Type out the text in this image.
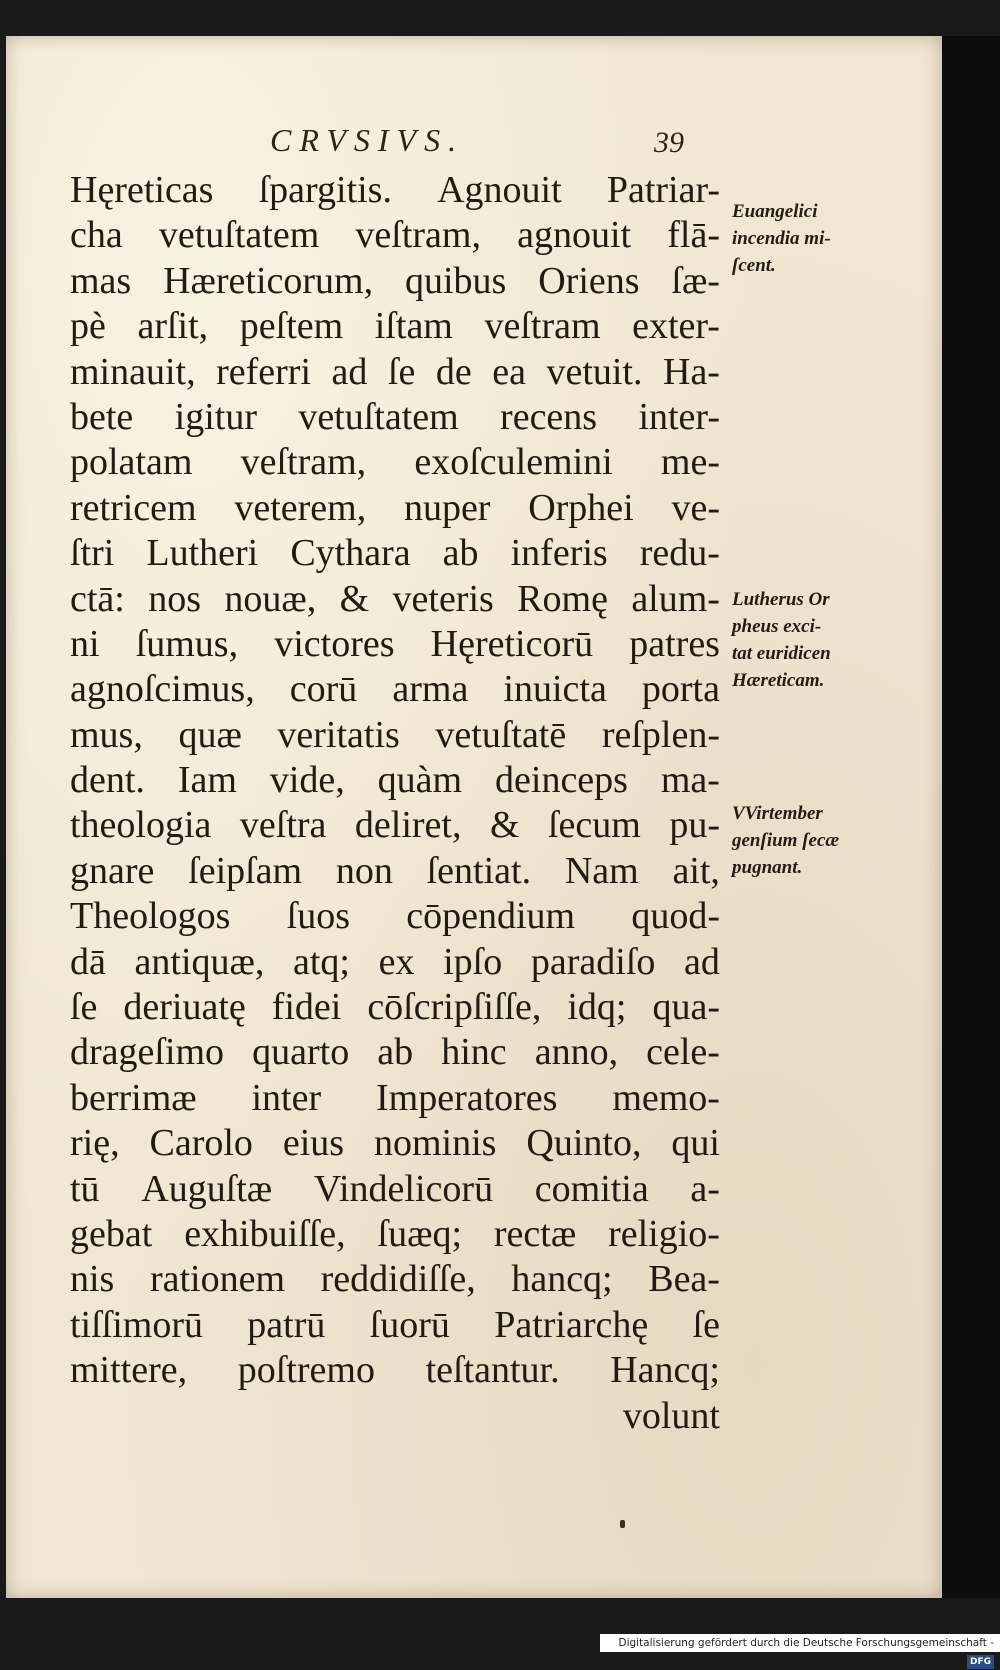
CRVSIVS.	39
Hęreticas ſpargitis. Agnouit Patriar-
cha vetuſtatem veſtram, agnouit flā-
mas Hæreticorum, quibus Oriens ſæ-
pè arſit, peſtem iſtam veſtram exter-
minauit, referri ad ſe de ea vetuit. Ha-
bete igitur vetuſtatem recens inter-
polatam veſtram, exoſculemini me-
retricem veterem, nuper Orphei ve-
ſtri Lutheri Cythara ab inferis redu-
ctā: nos nouæ, & veteris Romę alum-
ni ſumus, victores Hęreticorū patres
agnoſcimus, corū arma inuicta porta
mus, quæ veritatis vetuſtatē reſplen-
dent. Iam vide, quàm deinceps ma-
theologia veſtra deliret, & ſecum pu-
gnare ſeipſam non ſentiat. Nam ait,
Theologos ſuos cōpendium quod-
dā antiquæ, atq; ex ipſo paradiſo ad
ſe deriuatę fidei cōſcripſiſſe, idq; qua-
drageſimo quarto ab hinc anno, cele-
berrimæ inter Imperatores memo-
rię, Carolo eius nominis Quinto, qui
tū Auguſtæ Vindelicorū comitia a-
gebat exhibuiſſe, ſuæq; rectæ religio-
nis rationem reddidiſſe, hancq; Bea-
tiſſimorū patrū ſuorū Patriarchę ſe
mittere, poſtremo teſtantur. Hancq;
volunt
Euangelici
incendia mi-
ſcent.
Lutherus Or
pheus exci-
tat euridicen
Hæreticam.
VVirtember
genſium ſecæ
pugnant.
Digitalisierung gefördert durch die Deutsche Forschungsgemeinschaft -DFG
